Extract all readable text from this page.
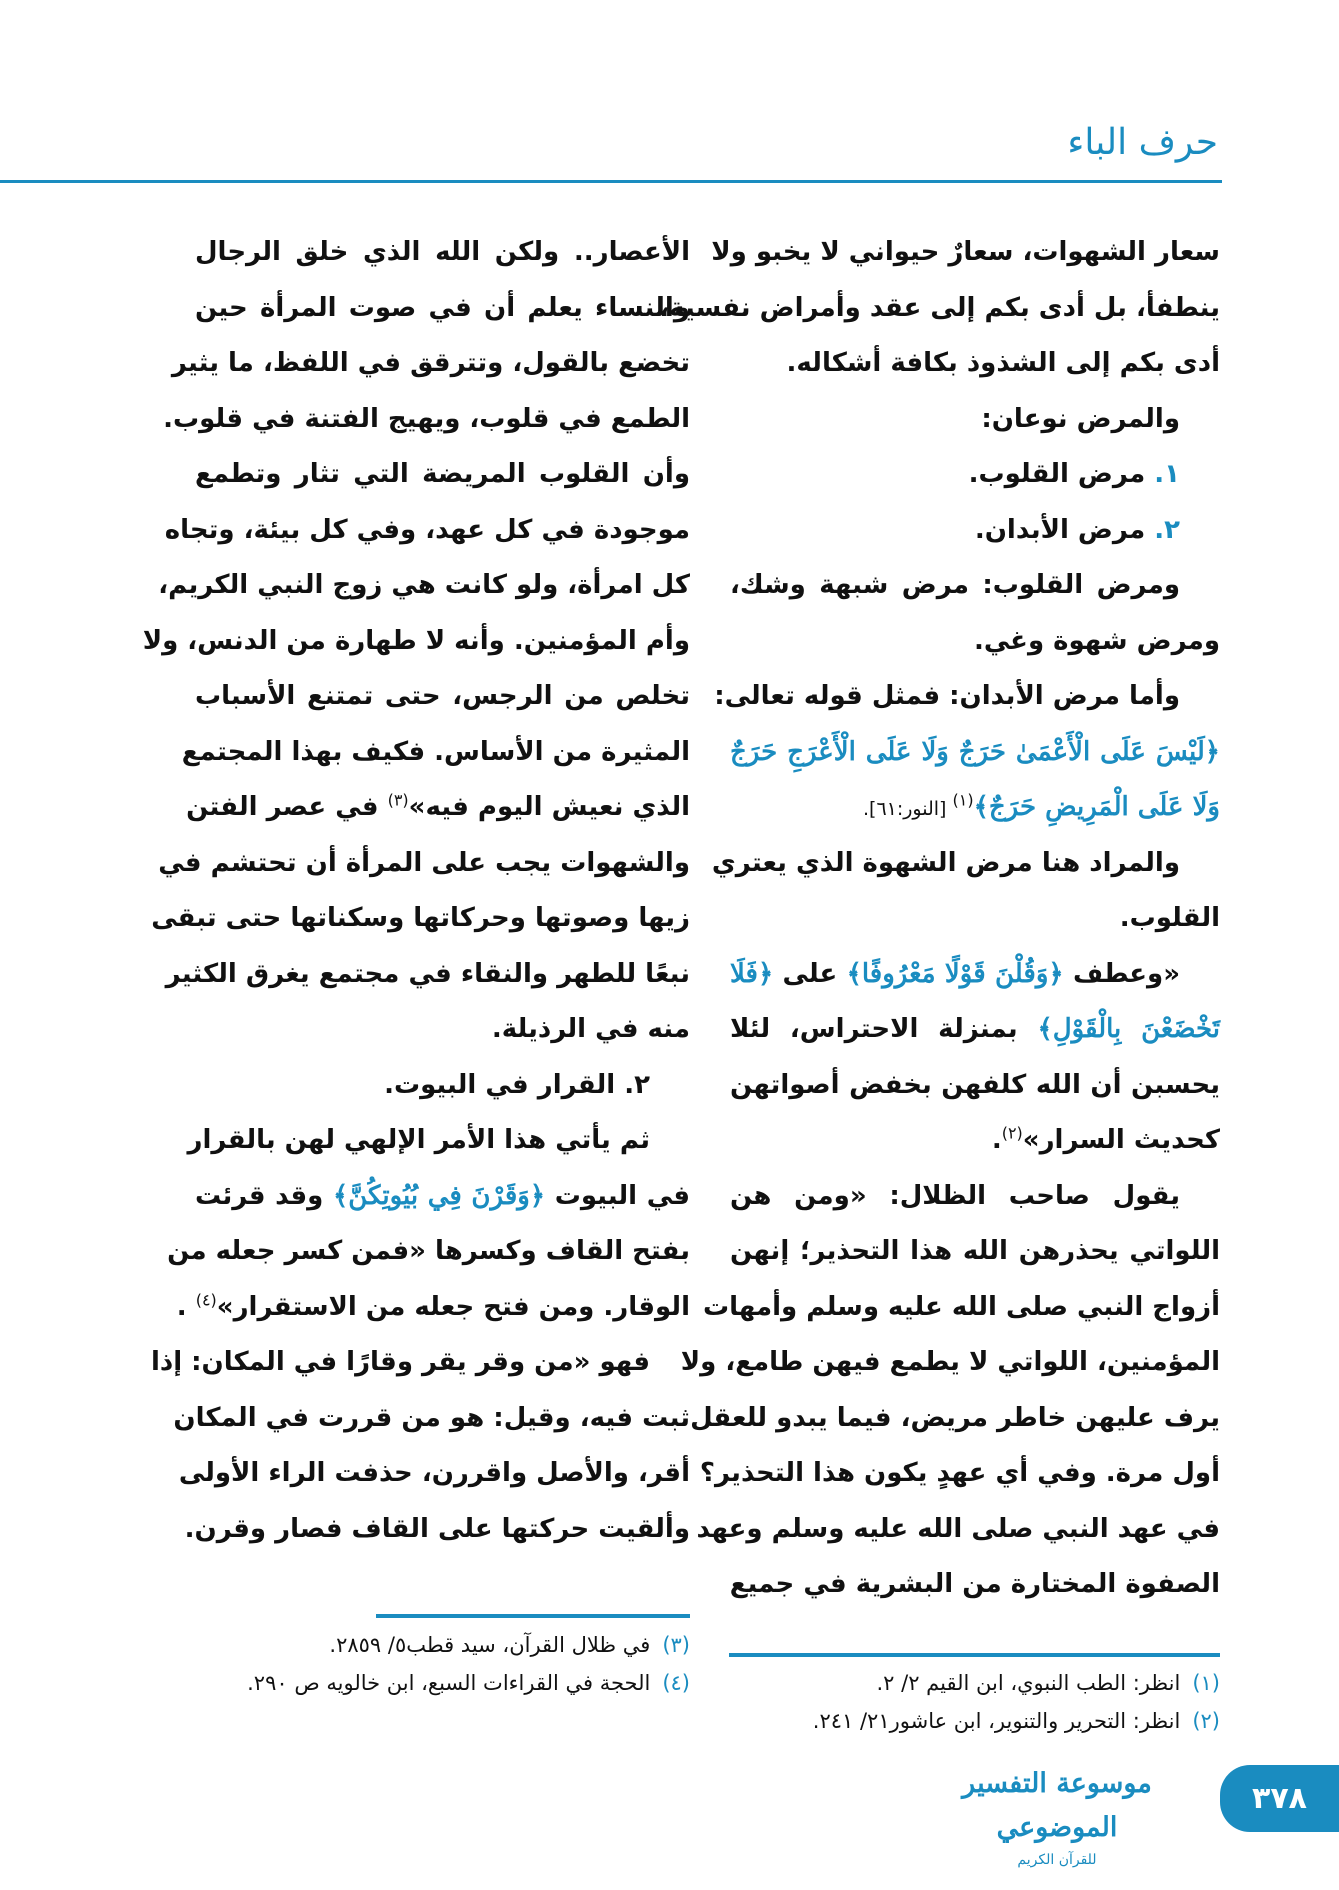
حرف الباء
سعار الشهوات، سعارٌ حيواني لا يخبو ولا
ينطفأ، بل أدى بكم إلى عقد وأمراض نفسية،
أدى بكم إلى الشذوذ بكافة أشكاله.
والمرض نوعان:
١. مرض القلوب.
٢. مرض الأبدان.
ومرض القلوب: مرض شبهة وشك،
ومرض شهوة وغي.
وأما مرض الأبدان: فمثل قوله تعالى:
﴿لَيْسَ عَلَى الْأَعْمَىٰ حَرَجٌ وَلَا عَلَى الْأَعْرَجِ حَرَجٌ
وَلَا عَلَى الْمَرِيضِ حَرَجٌ﴾$^{(١)}$ [النور:٦١].
والمراد هنا مرض الشهوة الذي يعتري
القلوب.
«وعطف ﴿وَقُلْنَ قَوْلًا مَعْرُوفًا﴾ على ﴿فَلَا
تَخْضَعْنَ بِالْقَوْلِ﴾ بمنزلة الاحتراس، لئلا
يحسبن أن الله كلفهن بخفض أصواتهن
كحديث السرار»$^{(٢)}$.
يقول صاحب الظلال: «ومن هن
اللواتي يحذرهن الله هذا التحذير؛ إنهن
أزواج النبي صلى الله عليه وسلم وأمهات
المؤمنين، اللواتي لا يطمع فيهن طامع، ولا
يرف عليهن خاطر مريض، فيما يبدو للعقل
أول مرة. وفي أي عهدٍ يكون هذا التحذير؟
في عهد النبي صلى الله عليه وسلم وعهد
الصفوة المختارة من البشرية في جميع
الأعصار.. ولكن الله الذي خلق الرجال
والنساء يعلم أن في صوت المرأة حين
تخضع بالقول، وتترقق في اللفظ، ما يثير
الطمع في قلوب، ويهيج الفتنة في قلوب.
وأن القلوب المريضة التي تثار وتطمع
موجودة في كل عهد، وفي كل بيئة، وتجاه
كل امرأة، ولو كانت هي زوج النبي الكريم،
وأم المؤمنين. وأنه لا طهارة من الدنس، ولا
تخلص من الرجس، حتى تمتنع الأسباب
المثيرة من الأساس. فكيف بهذا المجتمع
الذي نعيش اليوم فيه»$^{(٣)}$ في عصر الفتن
والشهوات يجب على المرأة أن تحتشم في
زيها وصوتها وحركاتها وسكناتها حتى تبقى
نبعًا للطهر والنقاء في مجتمع يغرق الكثير
منه في الرذيلة.
٢. القرار في البيوت.
ثم يأتي هذا الأمر الإلهي لهن بالقرار
في البيوت ﴿وَقَرْنَ فِي بُيُوتِكُنَّ﴾ وقد قرئت
بفتح القاف وكسرها «فمن كسر جعله من
الوقار. ومن فتح جعله من الاستقرار»$^{(٤)}$ .
فهو «من وقر يقر وقارًا في المكان: إذا
ثبت فيه، وقيل: هو من قررت في المكان
أقر، والأصل واقررن، حذفت الراء الأولى
وألقيت حركتها على القاف فصار وقرن.
(٣)في ظلال القرآن، سيد قطب٥/ ٢٨٥٩.
(٤)الحجة في القراءات السبع، ابن خالويه ص ٢٩٠.	(١)انظر: الطب النبوي، ابن القيم ٢/ ٢.
(٢)انظر: التحرير والتنوير، ابن عاشور٢١/ ٢٤١.
موسوعة التفسير الموضوعي
للقرآن الكريم
٣٧٨
